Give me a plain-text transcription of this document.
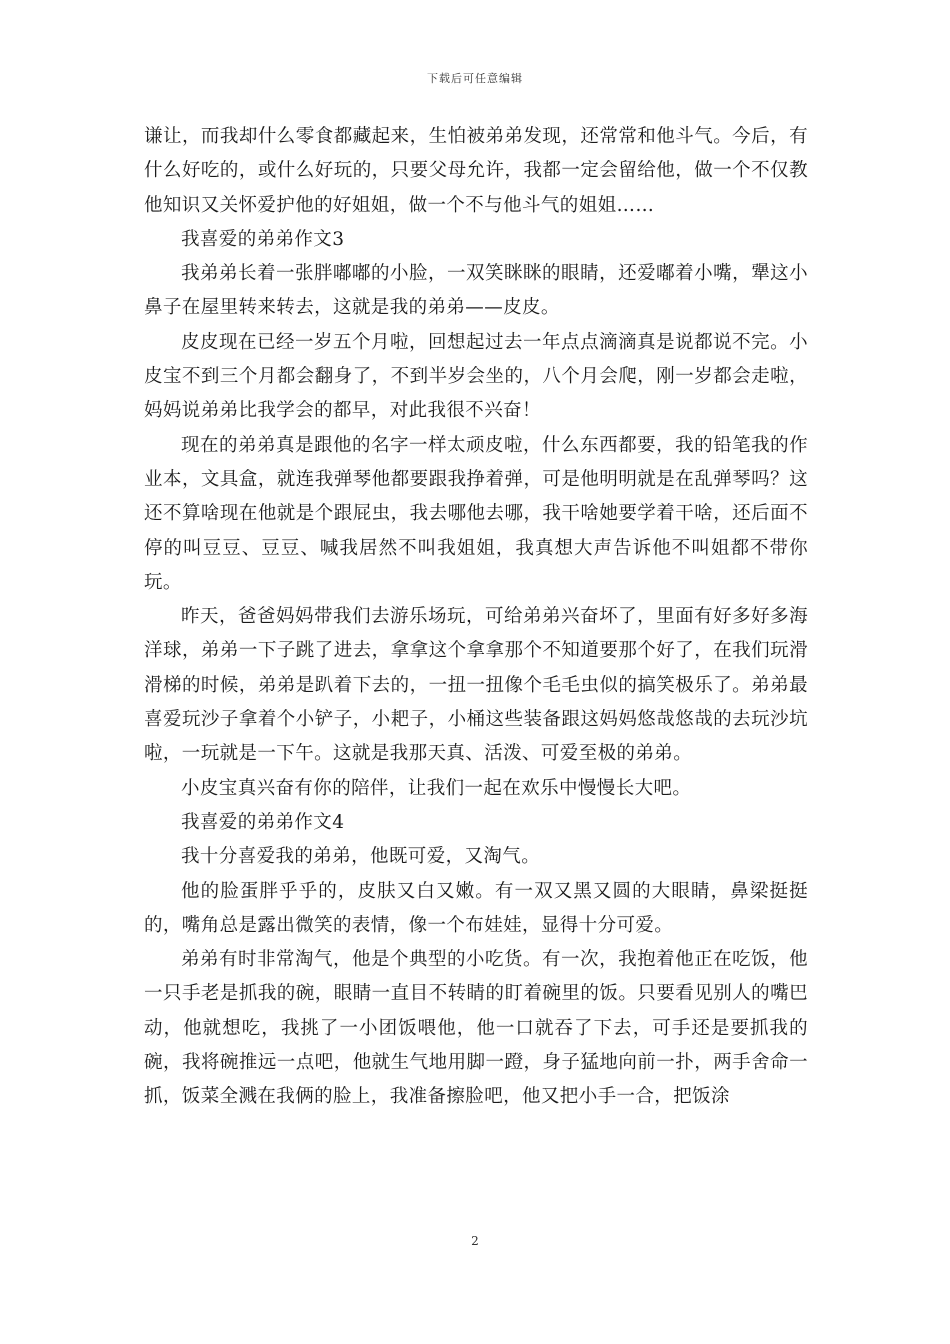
下载后可任意编辑

谦让，而我却什么零食都藏起来，生怕被弟弟发现，还常常和他斗气。今后，有什么好吃的，或什么好玩的，只要父母允许，我都一定会留给他，做一个不仅教他知识又关怀爱护他的好姐姐，做一个不与他斗气的姐姐……

我喜爱的弟弟作文3

我弟弟长着一张胖嘟嘟的小脸，一双笑眯眯的眼睛，还爱嘟着小嘴，犟这小鼻子在屋里转来转去，这就是我的弟弟——皮皮。

皮皮现在已经一岁五个月啦，回想起过去一年点点滴滴真是说都说不完。小皮宝不到三个月都会翻身了，不到半岁会坐的，八个月会爬，刚一岁都会走啦，妈妈说弟弟比我学会的都早，对此我很不兴奋！

现在的弟弟真是跟他的名字一样太顽皮啦，什么东西都要，我的铅笔我的作业本，文具盒，就连我弹琴他都要跟我挣着弹，可是他明明就是在乱弹琴吗？这还不算啥现在他就是个跟屁虫，我去哪他去哪，我干啥她要学着干啥，还后面不停的叫豆豆、豆豆、喊我居然不叫我姐姐，我真想大声告诉他不叫姐都不带你玩。

昨天，爸爸妈妈带我们去游乐场玩，可给弟弟兴奋坏了，里面有好多好多海洋球，弟弟一下子跳了进去，拿拿这个拿拿那个不知道要那个好了，在我们玩滑滑梯的时候，弟弟是趴着下去的，一扭一扭像个毛毛虫似的搞笑极乐了。弟弟最喜爱玩沙子拿着个小铲子，小耙子，小桶这些装备跟这妈妈悠哉悠哉的去玩沙坑啦，一玩就是一下午。这就是我那天真、活泼、可爱至极的弟弟。

小皮宝真兴奋有你的陪伴，让我们一起在欢乐中慢慢长大吧。

我喜爱的弟弟作文4

我十分喜爱我的弟弟，他既可爱，又淘气。

他的脸蛋胖乎乎的，皮肤又白又嫩。有一双又黑又圆的大眼睛，鼻梁挺挺的，嘴角总是露出微笑的表情，像一个布娃娃，显得十分可爱。

弟弟有时非常淘气，他是个典型的小吃货。有一次，我抱着他正在吃饭，他一只手老是抓我的碗，眼睛一直目不转睛的盯着碗里的饭。只要看见别人的嘴巴动，他就想吃，我挑了一小团饭喂他，他一口就吞了下去，可手还是要抓我的碗，我将碗推远一点吧，他就生气地用脚一蹬，身子猛地向前一扑，两手舍命一抓，饭菜全溅在我俩的脸上，我准备擦脸吧，他又把小手一合，把饭涂

2
